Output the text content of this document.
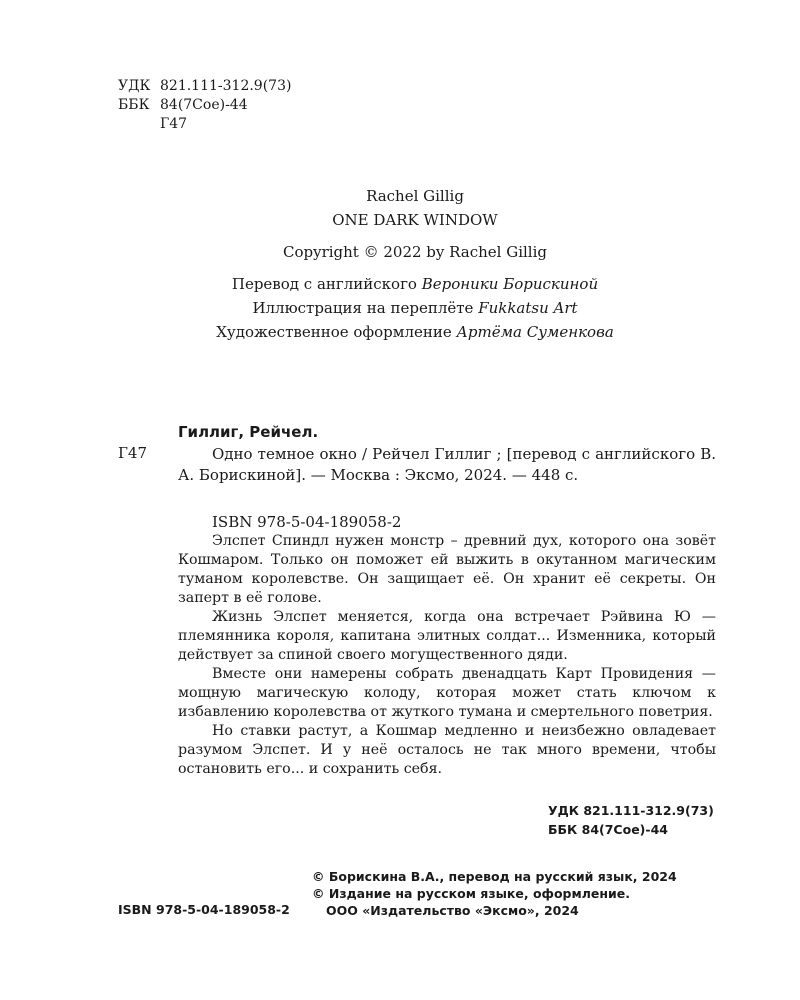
УДК 821.111-312.9(73)
ББК 84(7Сое)-44
Г47
Rachel Gillig
ONE DARK WINDOW
Copyright © 2022 by Rachel Gillig
Перевод с английского Вероники Борискиной
Иллюстрация на переплёте Fukkatsu Art
Художественное оформление Артёма Суменкова
Гиллиг, Рейчел.
Г47	Одно темное окно / Рейчел Гиллиг ; [перевод с английского В. А. Борискиной]. — Москва : Эксмо, 2024. — 448 с.

ISBN 978-5-04-189058-2

Элспет Спиндл нужен монстр – древний дух, которого она зовёт Кошмаром. Только он поможет ей выжить в окутанном магическим туманом королевстве. Он защищает её. Он хранит её секреты. Он заперт в её голове.

Жизнь Элспет меняется, когда она встречает Рэйвина Ю — племянника короля, капитана элитных солдат... Изменника, который действует за спиной своего могущественного дяди.

Вместе они намерены собрать двенадцать Карт Провидения — мощную магическую колоду, которая может стать ключом к избавлению королевства от жуткого тумана и смертельного поветрия.

Но ставки растут, а Кошмар медленно и неизбежно овладевает разумом Элспет. И у неё осталось не так много времени, чтобы остановить его... и сохранить себя.

УДК 821.111-312.9(73)
ББК 84(7Сое)-44
© Борискина В.А., перевод на русский язык, 2024
© Издание на русском языке, оформление.
ООО «Издательство «Эксмо», 2024
ISBN 978-5-04-189058-2
